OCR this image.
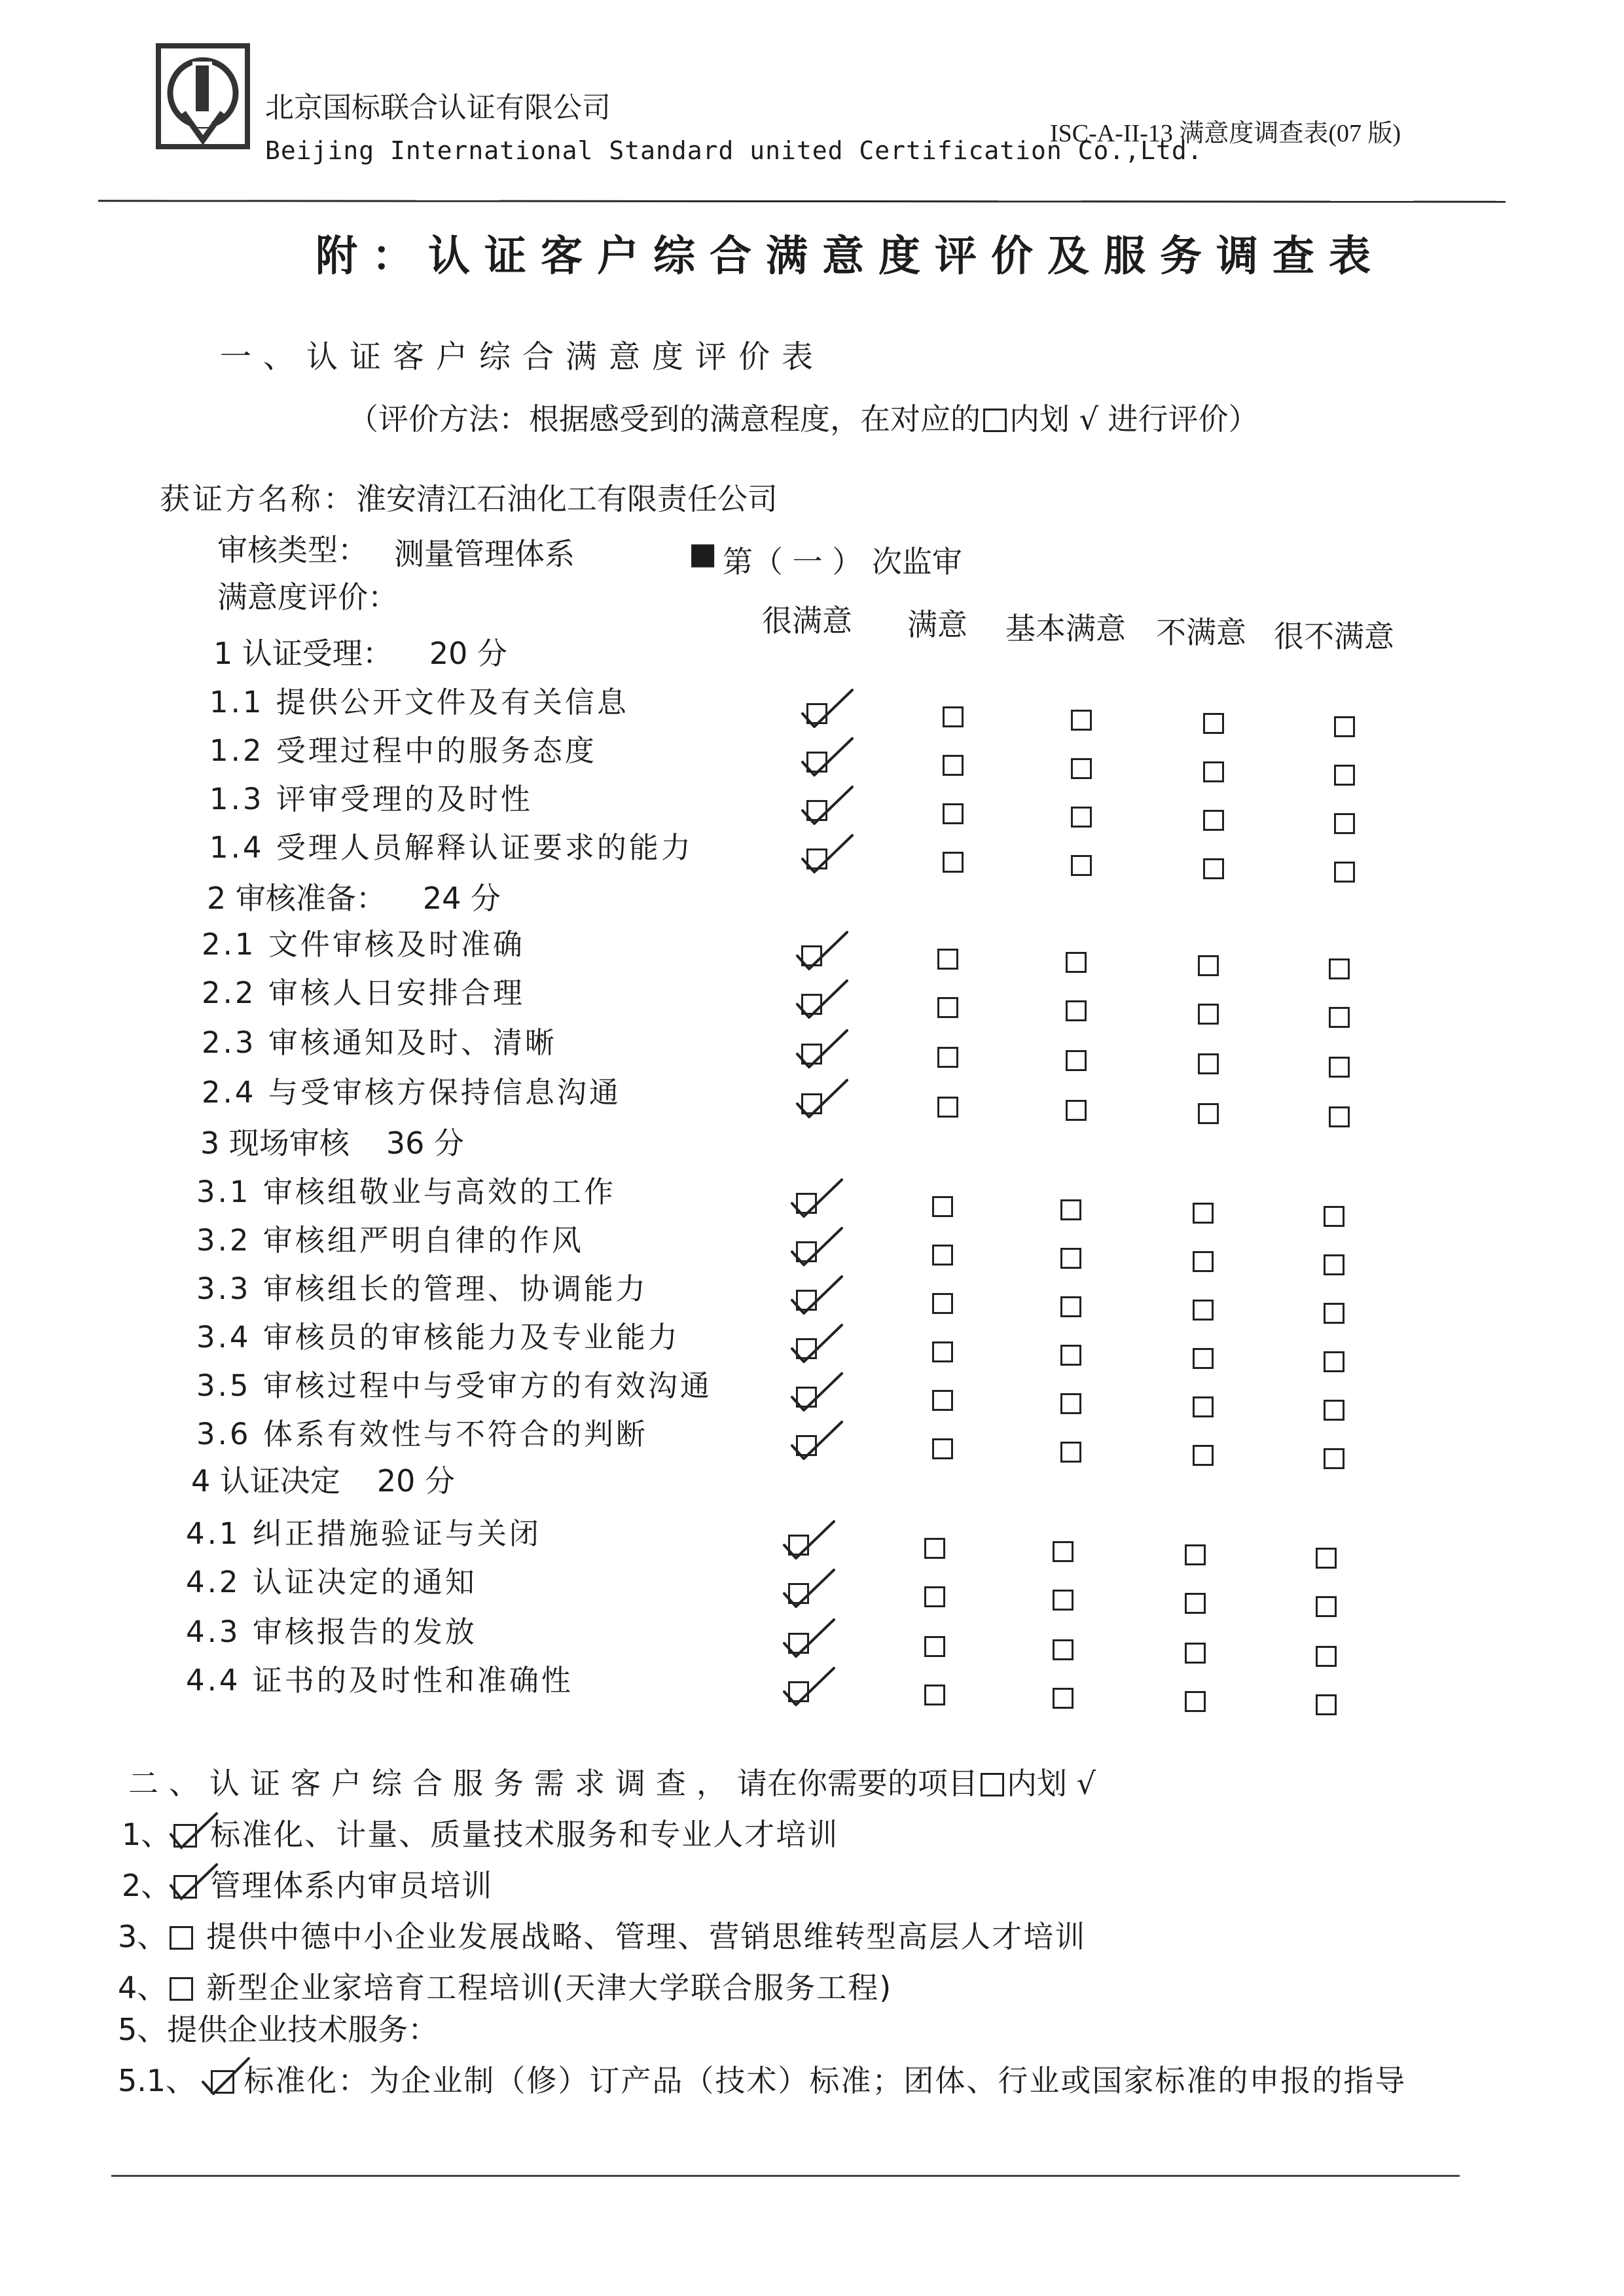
北京国标联合认证有限公司
Beijing International Standard united Certification Co.,Ltd.
ISC-A-II-13 满意度调查表(07 版)
附：认证客户综合满意度评价及服务调查表
一、认证客户综合满意度评价表
（评价方法：根据感受到的满意程度，在对应的 内划 √ 进行评价）
获证方名称：淮安清江石油化工有限责任公司
审核类型： 测量管理体系	■ 第（ 一 ） 次监审
满意度评价：
很满意 满意 基本满意 不满意 很不满意
1 认证受理： 20 分
2 审核准备： 24 分
3 现场审核 36 分
4 认证决定 20 分
1.1 提供公开文件及有关信息
1.2 受理过程中的服务态度
1.3 评审受理的及时性
1.4 受理人员解释认证要求的能力
2.1 文件审核及时准确
2.2 审核人日安排合理
2.3 审核通知及时、清晰
2.4 与受审核方保持信息沟通
3.1 审核组敬业与高效的工作
3.2 审核组严明自律的作风
3.3 审核组长的管理、协调能力
3.4 审核员的审核能力及专业能力
3.5 审核过程中与受审方的有效沟通
3.6 体系有效性与不符合的判断
4.1 纠正措施验证与关闭
4.2 认证决定的通知
4.3 审核报告的发放
4.4 证书的及时性和准确性
二、认证客户综合服务需求调查，请在你需要的项目 内划 √
1、 标准化、计量、质量技术服务和专业人才培训
2、 管理体系内审员培训
3、 提供中德中小企业发展战略、管理、营销思维转型高层人才培训
4、 新型企业家培育工程培训(天津大学联合服务工程)
5、提供企业技术服务：
5.1、 标准化：为企业制（修）订产品（技术）标准；团体、行业或国家标准的申报的指导
